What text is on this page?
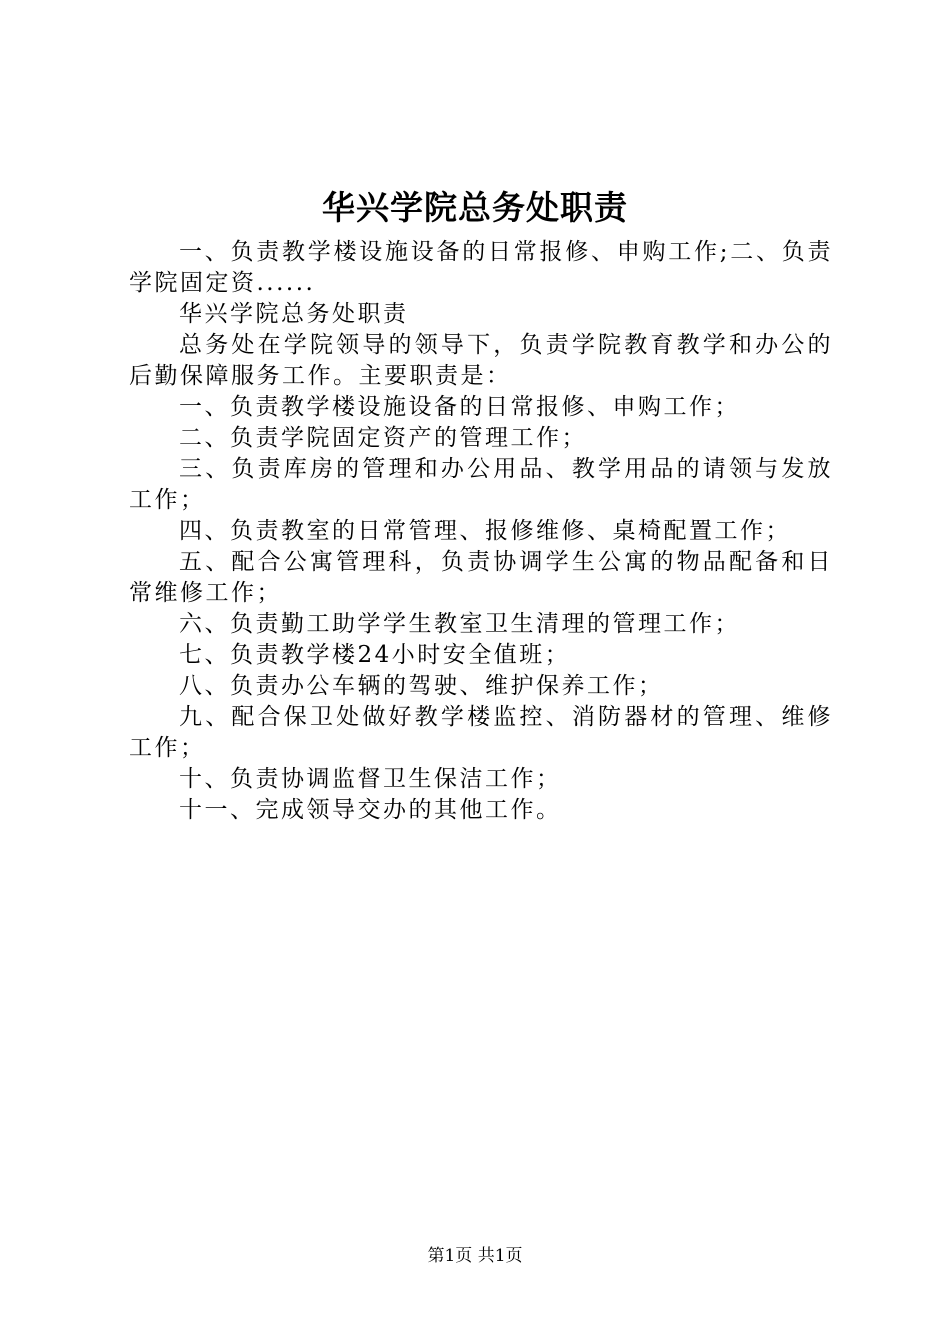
华兴学院总务处职责

一、负责教学楼设施设备的日常报修、申购工作;二、负责学院固定资......

华兴学院总务处职责

总务处在学院领导的领导下，负责学院教育教学和办公的后勤保障服务工作。主要职责是：

一、负责教学楼设施设备的日常报修、申购工作；

二、负责学院固定资产的管理工作；

三、负责库房的管理和办公用品、教学用品的请领与发放工作；

四、负责教室的日常管理、报修维修、桌椅配置工作；

五、配合公寓管理科，负责协调学生公寓的物品配备和日常维修工作；

六、负责勤工助学学生教室卫生清理的管理工作；

七、负责教学楼24小时安全值班；

八、负责办公车辆的驾驶、维护保养工作；

九、配合保卫处做好教学楼监控、消防器材的管理、维修工作；

十、负责协调监督卫生保洁工作；

十一、完成领导交办的其他工作。

第1页 共1页
